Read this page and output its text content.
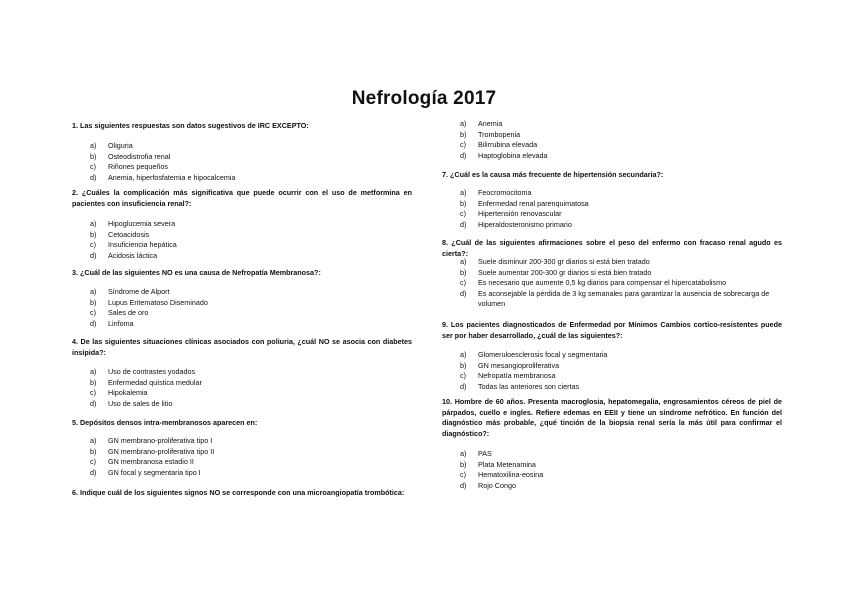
Nefrología 2017
1. Las siguientes respuestas son datos sugestivos de IRC EXCEPTO:
a)	Oliguria
b)	Osteodistrofia renal
c)	Riñones pequeños
d)	Anemia, hiperfosfatemia e hipocalcemia
2. ¿Cuáles la complicación más significativa que puede ocurrir con el uso de metformina en pacientes con insuficiencia renal?:
a)	Hipoglucemia severa
b)	Cetoacidosis
c)	Insuficiencia hepática
d)	Acidosis láctica
3. ¿Cuál de las siguientes NO es una causa de Nefropatía Membranosa?:
a)	Síndrome de Alport
b)	Lupus Eritematoso Diseminado
c)	Sales de oro
d)	Linfoma
4. De las siguientes situaciones clínicas asociados con poliuria, ¿cuál NO se asocia con diabetes insípida?:
a)	Uso de contrastes yodados
b)	Enfermedad quística medular
c)	Hipokalemia
d)	Uso de sales de litio
5. Depósitos densos intra-membranosos aparecen en:
a)	GN membrano-proliferativa tipo I
b)	GN membrano-proliferativa tipo II
c)	GN membranosa estadio II
d)	GN focal y segmentaria tipo I
6. Indique cuál de los siguientes signos NO se corresponde con una microangiopatía trombótica:
a)	Anemia
b)	Trombopenia
c)	Bilirrubina elevada
d)	Haptoglobina elevada
7. ¿Cuál es la causa más frecuente de hipertensión secundaria?:
a)	Feocromocitoma
b)	Enfermedad renal parenquimatosa
c)	Hipertensión renovascular
d)	Hiperaldosteronismo primario
8. ¿Cuál de las siguientes afirmaciones sobre el peso del enfermo con fracaso renal agudo es cierta?:
a)	Suele disminuir 200-300 gr diarios si está bien tratado
b)	Suele aumentar 200-300 gr diarios si está bien tratado
c)	Es necesario que aumente 0,5 kg diarios para compensar el hipercatabolismo
d)	Es aconsejable la pérdida de 3 kg semanales para garantizar la ausencia de sobrecarga de volumen
9. Los pacientes diagnosticados de Enfermedad por Mínimos Cambios cortico-resistentes puede ser por haber desarrollado, ¿cuál de las siguientes?:
a)	Glomeruloesclerosis focal y segmentaria
b)	GN mesangioproliferativa
c)	Nefropatía membranosa
d)	Todas las anteriores son ciertas
10. Hombre de 60 años. Presenta macroglosia, hepatomegalia, engrosamientos céreos de piel de párpados, cuello e ingles. Refiere edemas en EEII y tiene un síndrome nefrótico. En función del diagnóstico más probable, ¿qué tinción de la biopsia renal sería la más útil para confirmar el diagnóstico?:
a)	PAS
b)	Plata Metenamina
c)	Hematoxilina-eosina
d)	Rojo Congo
